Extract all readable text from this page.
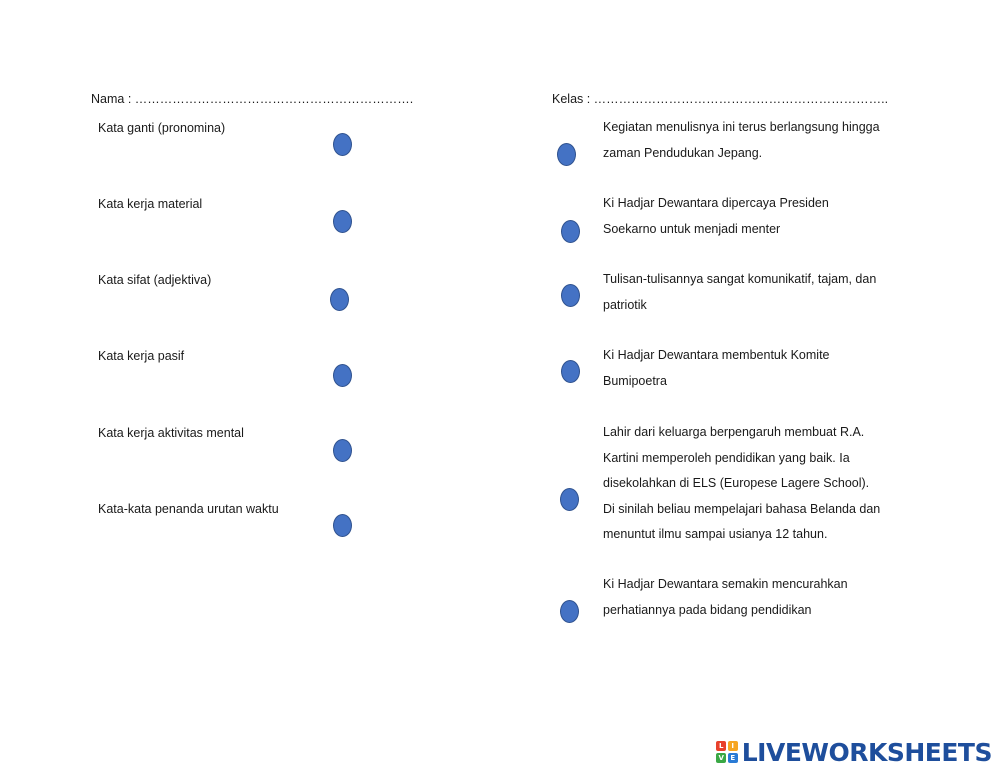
Nama : ………………………………………………………….	Kelas : ……………………………………………………………..
Kata ganti (pronomina)
Kata kerja material
Kata sifat (adjektiva)
Kata kerja pasif
Kata kerja aktivitas mental
Kata-kata penanda urutan waktu
Kegiatan menulisnya ini terus berlangsung hingga zaman Pendudukan Jepang.
Ki Hadjar Dewantara dipercaya Presiden Soekarno untuk menjadi menter
Tulisan-tulisannya sangat komunikatif, tajam, dan patriotik
Ki Hadjar Dewantara membentuk Komite Bumipoetra
Lahir dari keluarga berpengaruh membuat R.A. Kartini memperoleh pendidikan yang baik. Ia disekolahkan di ELS (Europese Lagere School). Di sinilah beliau mempelajari bahasa Belanda dan menuntut ilmu sampai usianya 12 tahun.
Ki Hadjar Dewantara semakin mencurahkan perhatiannya pada bidang pendidikan
L	I
V E LIVEWORKSHEETS
